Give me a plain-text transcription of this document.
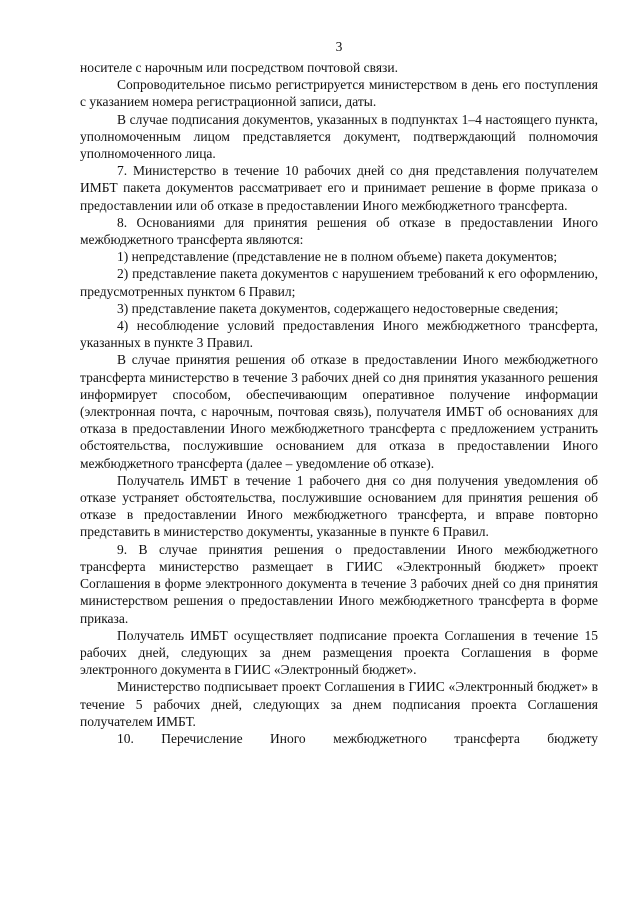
3

носителе с нарочным или посредством почтовой связи.

Сопроводительное письмо регистрируется министерством в день его поступления с указанием номера регистрационной записи, даты.

В случае подписания документов, указанных в подпунктах 1–4 настоящего пункта, уполномоченным лицом представляется документ, подтверждающий полномочия уполномоченного лица.

7. Министерство в течение 10 рабочих дней со дня представления получателем ИМБТ пакета документов рассматривает его и принимает решение в форме приказа о предоставлении или об отказе в предоставлении Иного межбюджетного трансферта.

8. Основаниями для принятия решения об отказе в предоставлении Иного межбюджетного трансферта являются:

1) непредставление (представление не в полном объеме) пакета документов;

2) представление пакета документов с нарушением требований к его оформлению, предусмотренных пунктом 6 Правил;

3) представление пакета документов, содержащего недостоверные сведения;

4) несоблюдение условий предоставления Иного межбюджетного трансферта, указанных в пункте 3 Правил.

В случае принятия решения об отказе в предоставлении Иного межбюджетного трансферта министерство в течение 3 рабочих дней со дня принятия указанного решения информирует способом, обеспечивающим оперативное получение информации (электронная почта, с нарочным, почтовая связь), получателя ИМБТ об основаниях для отказа в предоставлении Иного межбюджетного трансферта с предложением устранить обстоятельства, послужившие основанием для отказа в предоставлении Иного межбюджетного трансферта (далее – уведомление об отказе).

Получатель ИМБТ в течение 1 рабочего дня со дня получения уведомления об отказе устраняет обстоятельства, послужившие основанием для принятия решения об отказе в предоставлении Иного межбюджетного трансферта, и вправе повторно представить в министерство документы, указанные в пункте 6 Правил.

9. В случае принятия решения о предоставлении Иного межбюджетного трансферта министерство размещает в ГИИС «Электронный бюджет» проект Соглашения в форме электронного документа в течение 3 рабочих дней со дня принятия министерством решения о предоставлении Иного межбюджетного трансферта в форме приказа.

Получатель ИМБТ осуществляет подписание проекта Соглашения в течение 15 рабочих дней, следующих за днем размещения проекта Соглашения в форме электронного документа в ГИИС «Электронный бюджет».

Министерство подписывает проект Соглашения в ГИИС «Электронный бюджет» в течение 5 рабочих дней, следующих за днем подписания проекта Соглашения получателем ИМБТ.

10. Перечисление Иного межбюджетного трансферта бюджету
